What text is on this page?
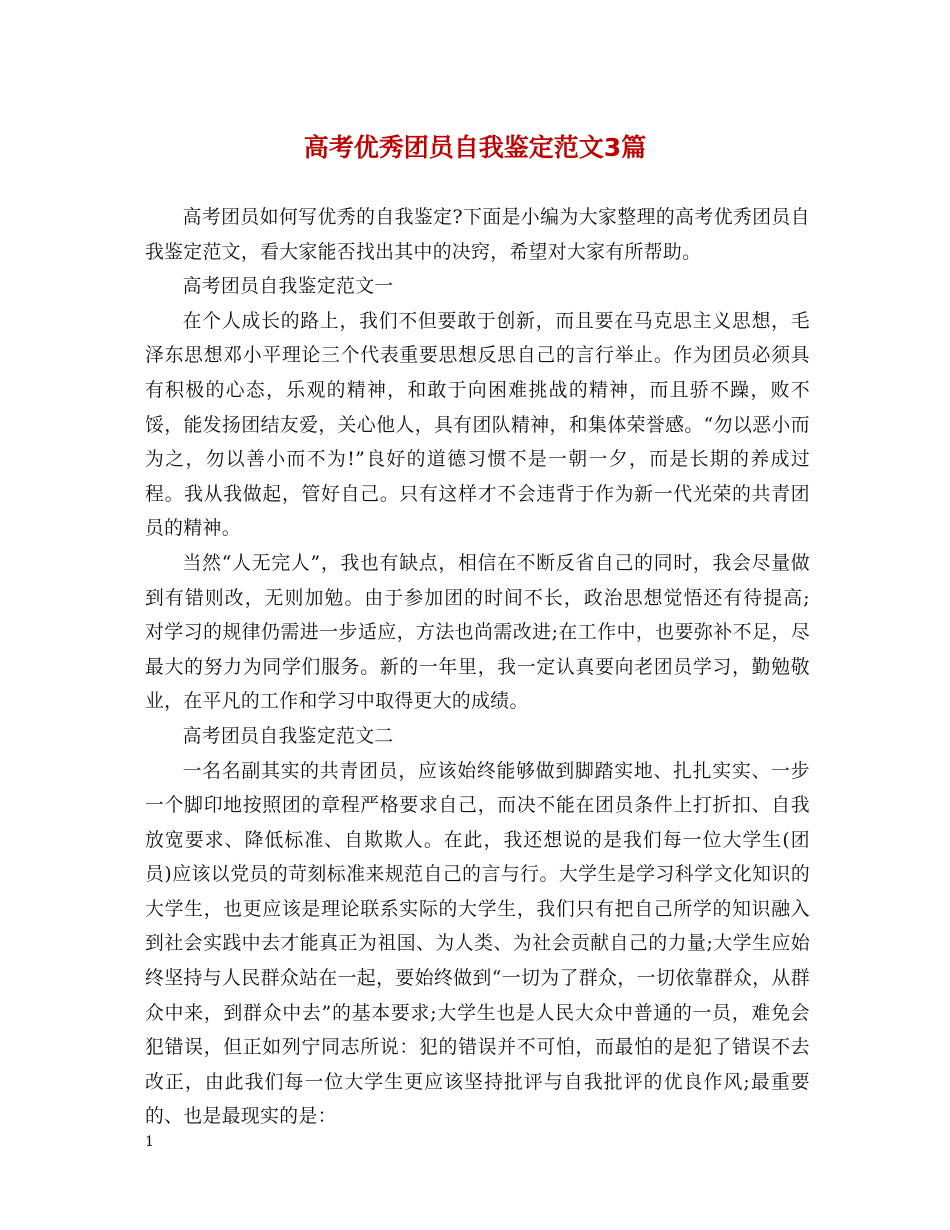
高考优秀团员自我鉴定范文3篇

高考团员如何写优秀的自我鉴定?下面是小编为大家整理的高考优秀团员自我鉴定范文，看大家能否找出其中的决窍，希望对大家有所帮助。

高考团员自我鉴定范文一

在个人成长的路上，我们不但要敢于创新，而且要在马克思主义思想，毛泽东思想邓小平理论三个代表重要思想反思自己的言行举止。作为团员必须具有积极的心态，乐观的精神，和敢于向困难挑战的精神，而且骄不躁，败不馁，能发扬团结友爱，关心他人，具有团队精神，和集体荣誉感。“勿以恶小而为之，勿以善小而不为!”良好的道德习惯不是一朝一夕，而是长期的养成过程。我从我做起，管好自己。只有这样才不会违背于作为新一代光荣的共青团员的精神。

当然“人无完人”，我也有缺点，相信在不断反省自己的同时，我会尽量做到有错则改，无则加勉。由于参加团的时间不长，政治思想觉悟还有待提高; 对学习的规律仍需进一步适应，方法也尚需改进;在工作中，也要弥补不足，尽最大的努力为同学们服务。新的一年里，我一定认真要向老团员学习，勤勉敬业，在平凡的工作和学习中取得更大的成绩。

高考团员自我鉴定范文二

一名名副其实的共青团员，应该始终能够做到脚踏实地、扎扎实实、一步一个脚印地按照团的章程严格要求自己，而决不能在团员条件上打折扣、自我放宽要求、降低标准、自欺欺人。在此，我还想说的是我们每一位大学生(团员)应该以党员的苛刻标准来规范自己的言与行。大学生是学习科学文化知识的大学生，也更应该是理论联系实际的大学生，我们只有把自己所学的知识融入到社会实践中去才能真正为祖国、为人类、为社会贡献自己的力量;大学生应始终坚持与人民群众站在一起，要始终做到“一切为了群众，一切依靠群众，从群众中来，到群众中去”的基本要求;大学生也是人民大众中普通的一员，难免会犯错误，但正如列宁同志所说：犯的错误并不可怕，而最怕的是犯了错误不去改正，由此我们每一位大学生更应该坚持批评与自我批评的优良作风;最重要的、也是最现实的是：

1
